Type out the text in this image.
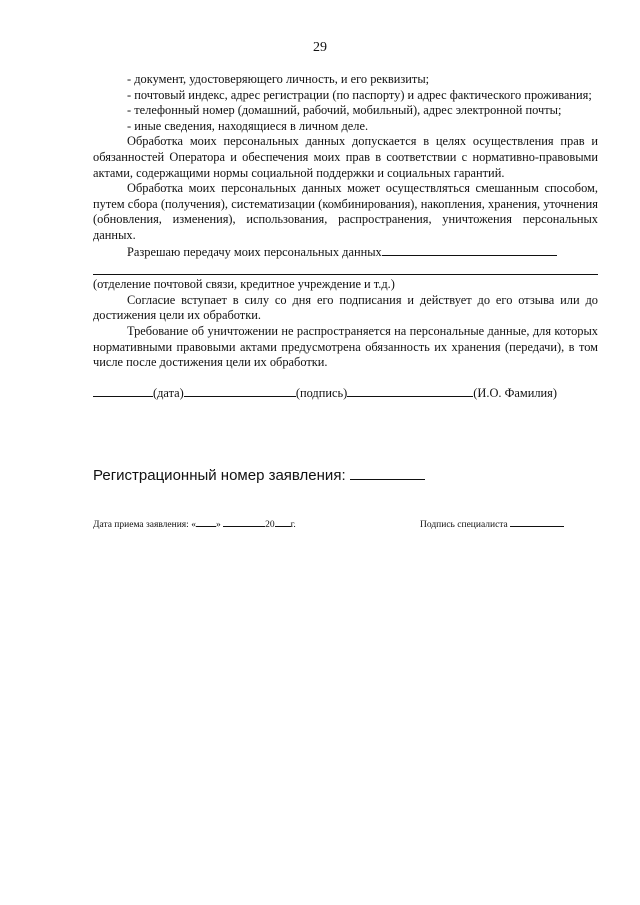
29

- документ, удостоверяющего личность, и его реквизиты;

- почтовый индекс, адрес регистрации (по паспорту) и адрес фактического проживания;

- телефонный номер (домашний, рабочий, мобильный), адрес электронной почты;

- иные сведения, находящиеся в личном деле.

Обработка моих персональных данных допускается в целях осуществления прав и обязанностей Оператора и обеспечения моих прав в соответствии с нормативно-правовыми актами, содержащими нормы социальной поддержки и социальных гарантий.

Обработка моих персональных данных может осуществляться смешанным способом, путем сбора (получения), систематизации (комбинирования), накопления, хранения, уточнения (обновления, изменения), использования, распространения, уничтожения персональных данных.

Разрешаю передачу моих персональных данных

(отделение почтовой связи, кредитное учреждение и т.д.)

Согласие вступает в силу со дня его подписания и действует до его отзыва или до достижения цели их обработки.

Требование об уничтожении не распространяется на персональные данные, для которых нормативными правовыми актами предусмотрена обязанность их хранения (передачи), в том числе после достижения цели их обработки.

(дата)	(подпись)	(И.О. Фамилия)
Регистрационный номер заявления:
Дата приема заявления: « »	20 г.	Подпись специалиста
